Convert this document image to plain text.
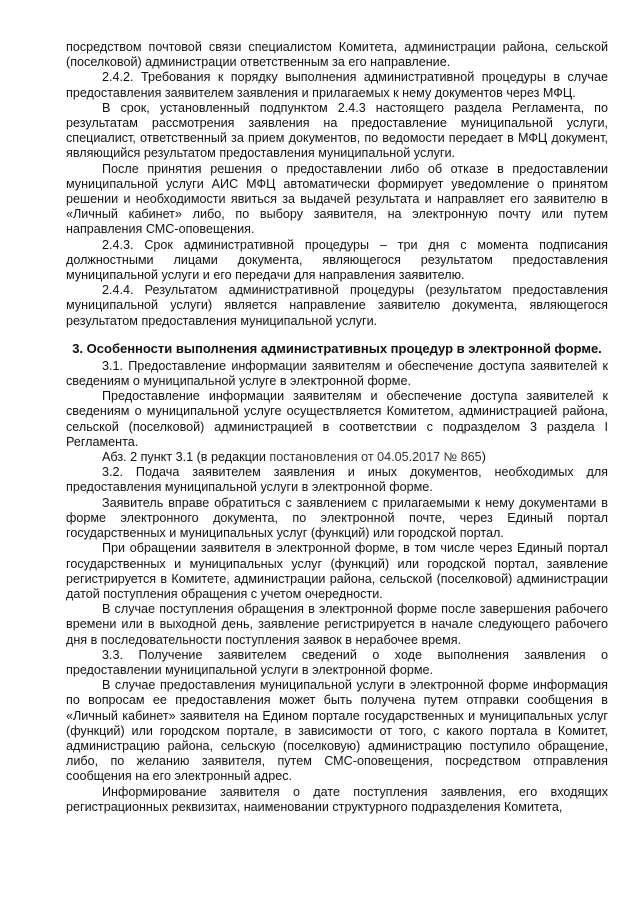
посредством почтовой связи специалистом Комитета, администрации района, сельской (поселковой) администрации ответственным за его направление.

2.4.2. Требования к порядку выполнения административной процедуры в случае предоставления заявителем заявления и прилагаемых к нему документов через МФЦ.

В срок, установленный подпунктом 2.4.3 настоящего раздела Регламента, по результатам рассмотрения заявления на предоставление муниципальной услуги, специалист, ответственный за прием документов, по ведомости передает в МФЦ документ, являющийся результатом предоставления муниципальной услуги.

После принятия решения о предоставлении либо об отказе в предоставлении муниципальной услуги АИС МФЦ автоматически формирует уведомление о принятом решении и необходимости явиться за выдачей результата и направляет его заявителю в «Личный кабинет» либо, по выбору заявителя, на электронную почту или путем направления СМС-оповещения.

2.4.3. Срок административной процедуры – три дня с момента подписания должностными лицами документа, являющегося результатом предоставления муниципальной услуги и его передачи для направления заявителю.

2.4.4. Результатом административной процедуры (результатом предоставления муниципальной услуги) является направление заявителю документа, являющегося результатом предоставления муниципальной услуги.

3. Особенности выполнения административных процедур в электронной форме.

3.1. Предоставление информации заявителям и обеспечение доступа заявителей к сведениям о муниципальной услуге в электронной форме.

Предоставление информации заявителям и обеспечение доступа заявителей к сведениям о муниципальной услуге осуществляется Комитетом, администрацией района, сельской (поселковой) администрацией в соответствии с подразделом 3 раздела I Регламента.

Абз. 2 пункт 3.1 (в редакции постановления от 04.05.2017 № 865)

3.2. Подача заявителем заявления и иных документов, необходимых для предоставления муниципальной услуги в электронной форме.

Заявитель вправе обратиться с заявлением с прилагаемыми к нему документами в форме электронного документа, по электронной почте, через Единый портал государственных и муниципальных услуг (функций) или городской портал.

При обращении заявителя в электронной форме, в том числе через Единый портал государственных и муниципальных услуг (функций) или городской портал, заявление регистрируется в Комитете, администрации района, сельской (поселковой) администрации датой поступления обращения с учетом очередности.

В случае поступления обращения в электронной форме после завершения рабочего времени или в выходной день, заявление регистрируется в начале следующего рабочего дня в последовательности поступления заявок в нерабочее время.

3.3. Получение заявителем сведений о ходе выполнения заявления о предоставлении муниципальной услуги в электронной форме.

В случае предоставления муниципальной услуги в электронной форме информация по вопросам ее предоставления может быть получена путем отправки сообщения в «Личный кабинет» заявителя на Едином портале государственных и муниципальных услуг (функций) или городском портале, в зависимости от того, с какого портала в Комитет, администрацию района, сельскую (поселковую) администрацию поступило обращение, либо, по желанию заявителя, путем СМС-оповещения, посредством отправления сообщения на его электронный адрес.

Информирование заявителя о дате поступления заявления, его входящих регистрационных реквизитах, наименовании структурного подразделения Комитета,
